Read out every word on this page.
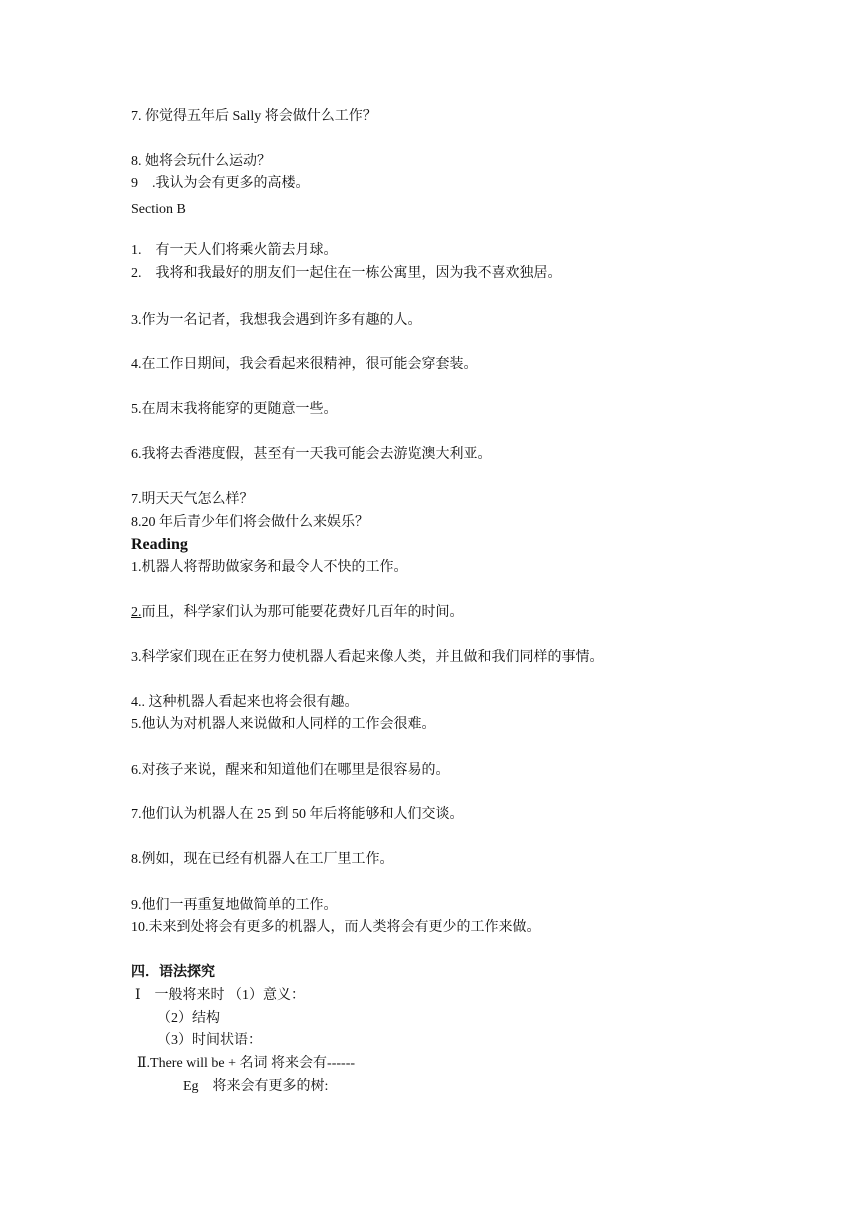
7. 你觉得五年后 Sally 将会做什么工作？
8. 她将会玩什么运动？
9　.我认为会有更多的高楼。
Section B
1.　有一天人们将乘火箭去月球。
2.　我将和我最好的朋友们一起住在一栋公寓里，因为我不喜欢独居。
3.作为一名记者，我想我会遇到许多有趣的人。
4.在工作日期间，我会看起来很精神，很可能会穿套装。
5.在周末我将能穿的更随意一些。
6.我将去香港度假，甚至有一天我可能会去游览澳大利亚。
7.明天天气怎么样？
8.20 年后青少年们将会做什么来娱乐？
Reading
1.机器人将帮助做家务和最令人不快的工作。
2.而且，科学家们认为那可能要花费好几百年的时间。
3.科学家们现在正在努力使机器人看起来像人类，并且做和我们同样的事情。
4.. 这种机器人看起来也将会很有趣。
5.他认为对机器人来说做和人同样的工作会很难。
6.对孩子来说，醒来和知道他们在哪里是很容易的。
7.他们认为机器人在 25 到 50 年后将能够和人们交谈。
8.例如，现在已经有机器人在工厂里工作。
9.他们一再重复地做简单的工作。
10.未来到处将会有更多的机器人，而人类将会有更少的工作来做。
四．语法探究
Ⅰ　一般将来时 （1）意义：
（2）结构
（3）时间状语：
Ⅱ.There will be + 名词 将来会有------
Eg　将来会有更多的树:
